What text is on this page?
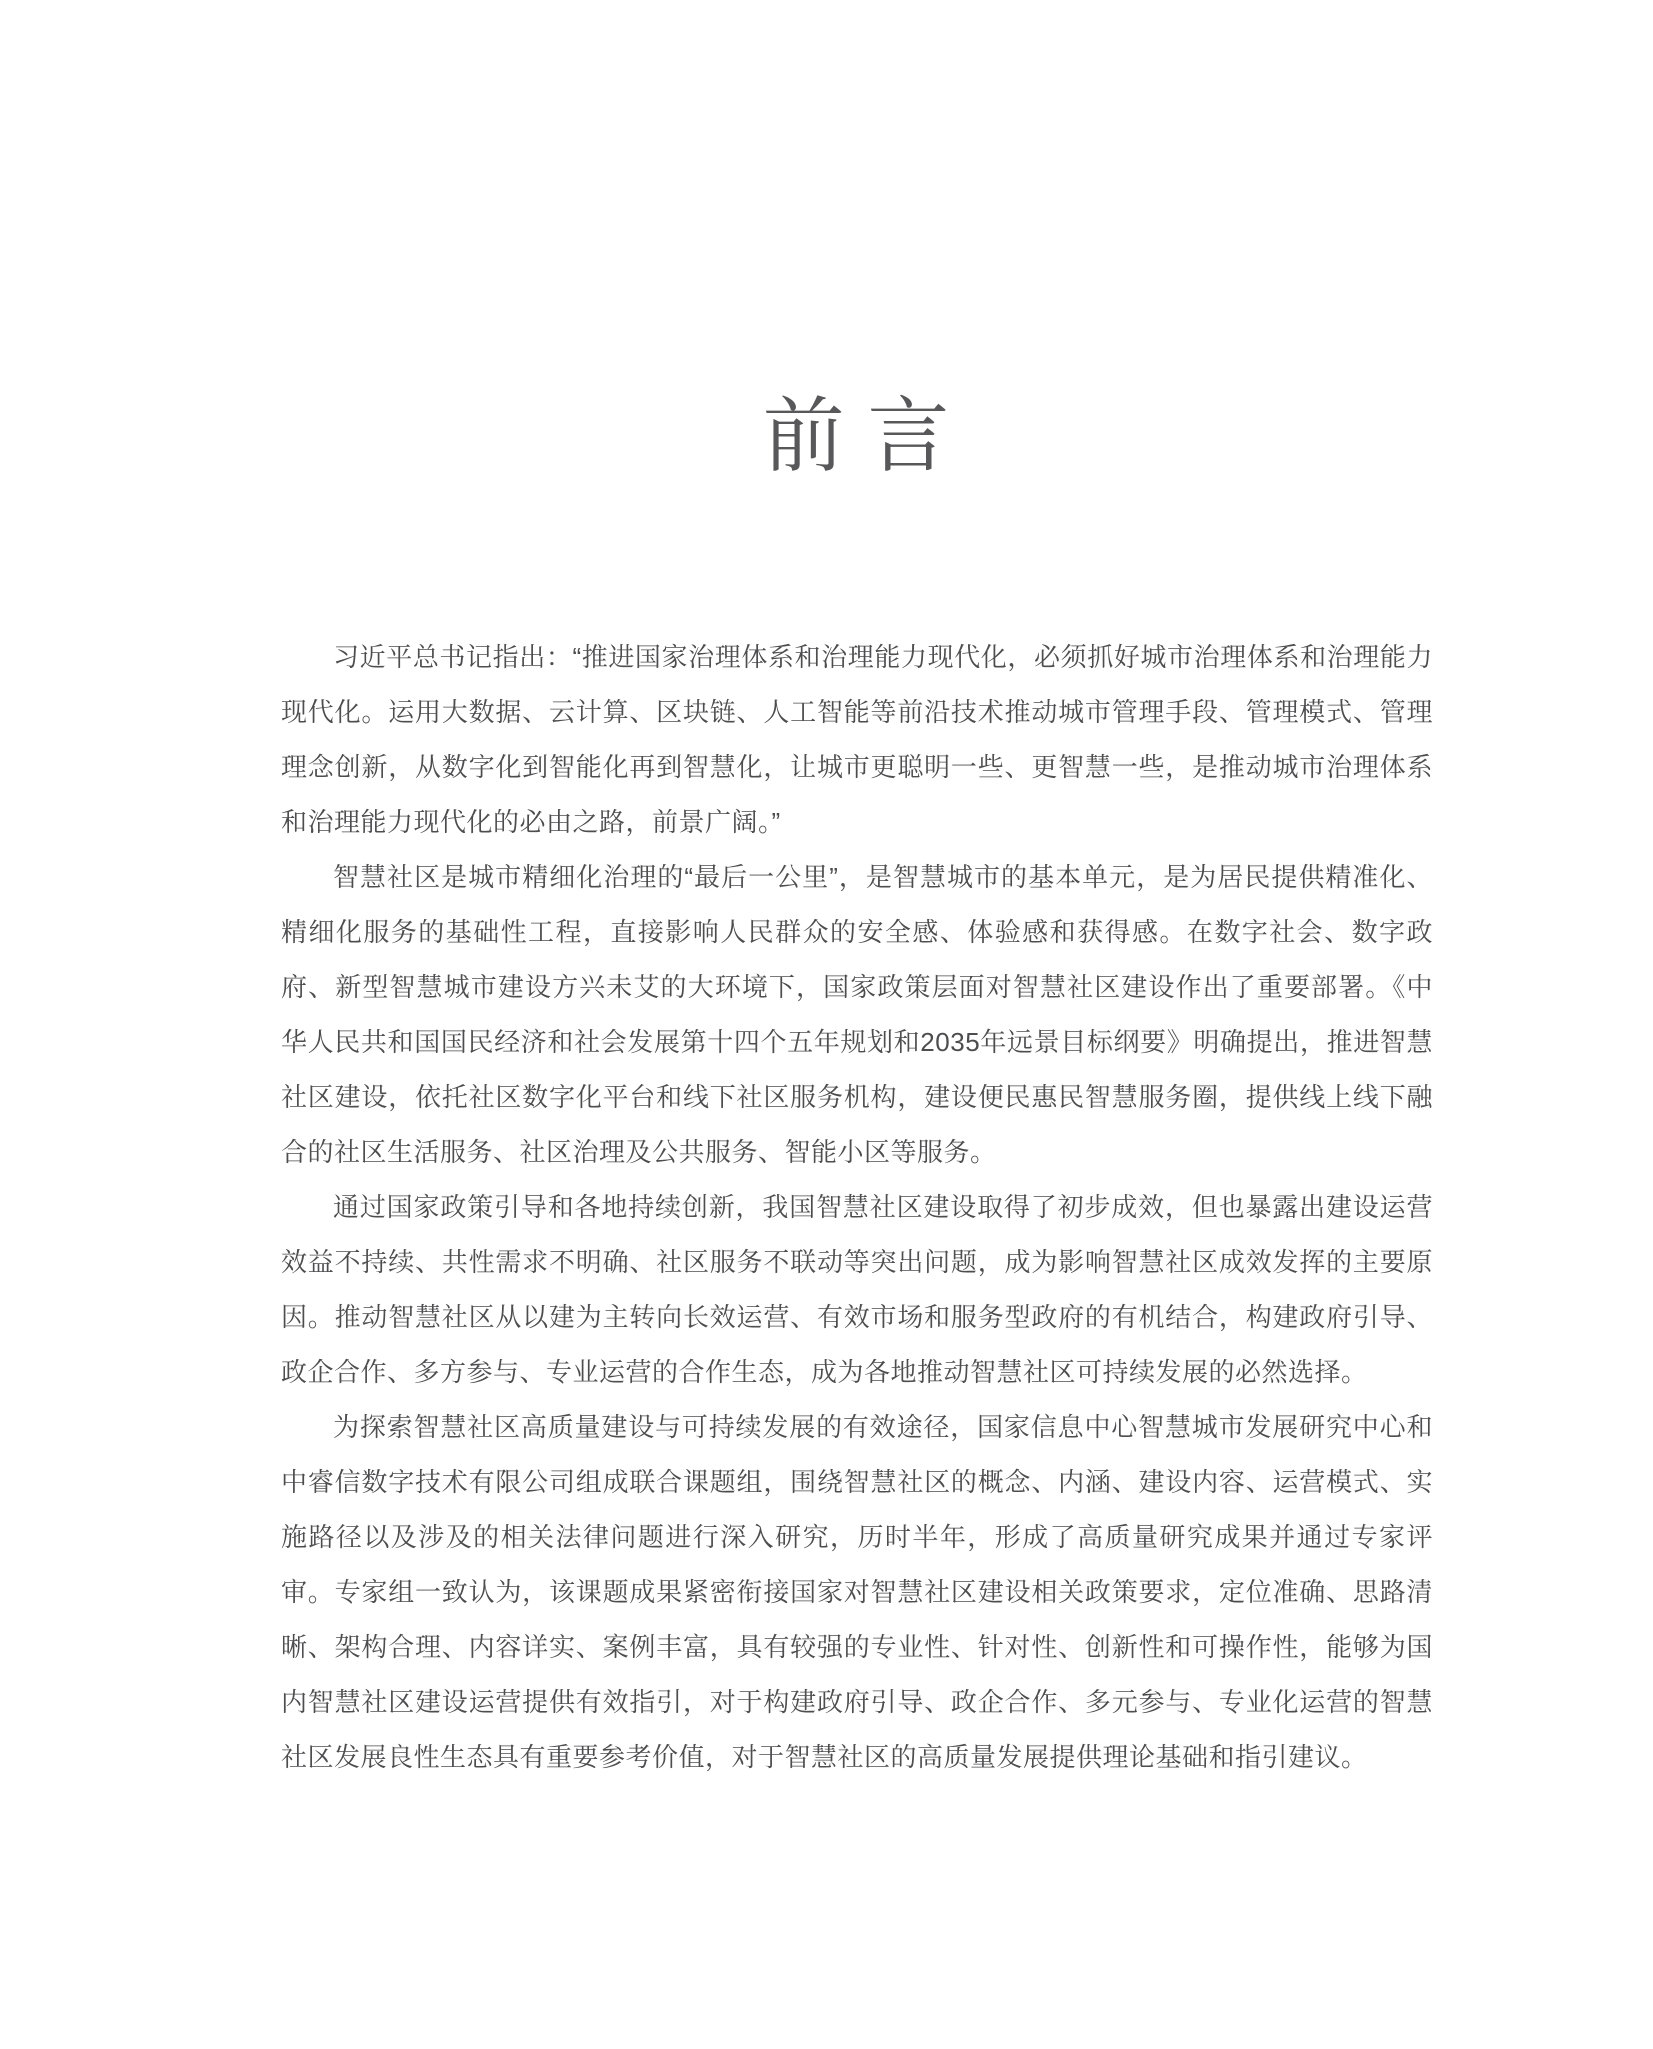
前 言

习近平总书记指出：“推进国家治理体系和治理能力现代化，必须抓好城市治理体系和治理能力现代化。运用大数据、云计算、区块链、人工智能等前沿技术推动城市管理手段、管理模式、管理理念创新，从数字化到智能化再到智慧化，让城市更聪明一些、更智慧一些，是推动城市治理体系和治理能力现代化的必由之路，前景广阔。”

智慧社区是城市精细化治理的“最后一公里”，是智慧城市的基本单元，是为居民提供精准化、精细化服务的基础性工程，直接影响人民群众的安全感、体验感和获得感。在数字社会、数字政府、新型智慧城市建设方兴未艾的大环境下，国家政策层面对智慧社区建设作出了重要部署。《中华人民共和国国民经济和社会发展第十四个五年规划和2035年远景目标纲要》明确提出，推进智慧社区建设，依托社区数字化平台和线下社区服务机构，建设便民惠民智慧服务圈，提供线上线下融合的社区生活服务、社区治理及公共服务、智能小区等服务。

通过国家政策引导和各地持续创新，我国智慧社区建设取得了初步成效，但也暴露出建设运营效益不持续、共性需求不明确、社区服务不联动等突出问题，成为影响智慧社区成效发挥的主要原因。推动智慧社区从以建为主转向长效运营、有效市场和服务型政府的有机结合，构建政府引导、政企合作、多方参与、专业运营的合作生态，成为各地推动智慧社区可持续发展的必然选择。

为探索智慧社区高质量建设与可持续发展的有效途径，国家信息中心智慧城市发展研究中心和中睿信数字技术有限公司组成联合课题组，围绕智慧社区的概念、内涵、建设内容、运营模式、实施路径以及涉及的相关法律问题进行深入研究，历时半年，形成了高质量研究成果并通过专家评审。专家组一致认为，该课题成果紧密衔接国家对智慧社区建设相关政策要求，定位准确、思路清晰、架构合理、内容详实、案例丰富，具有较强的专业性、针对性、创新性和可操作性，能够为国内智慧社区建设运营提供有效指引，对于构建政府引导、政企合作、多元参与、专业化运营的智慧社区发展良性生态具有重要参考价值，对于智慧社区的高质量发展提供理论基础和指引建议。
